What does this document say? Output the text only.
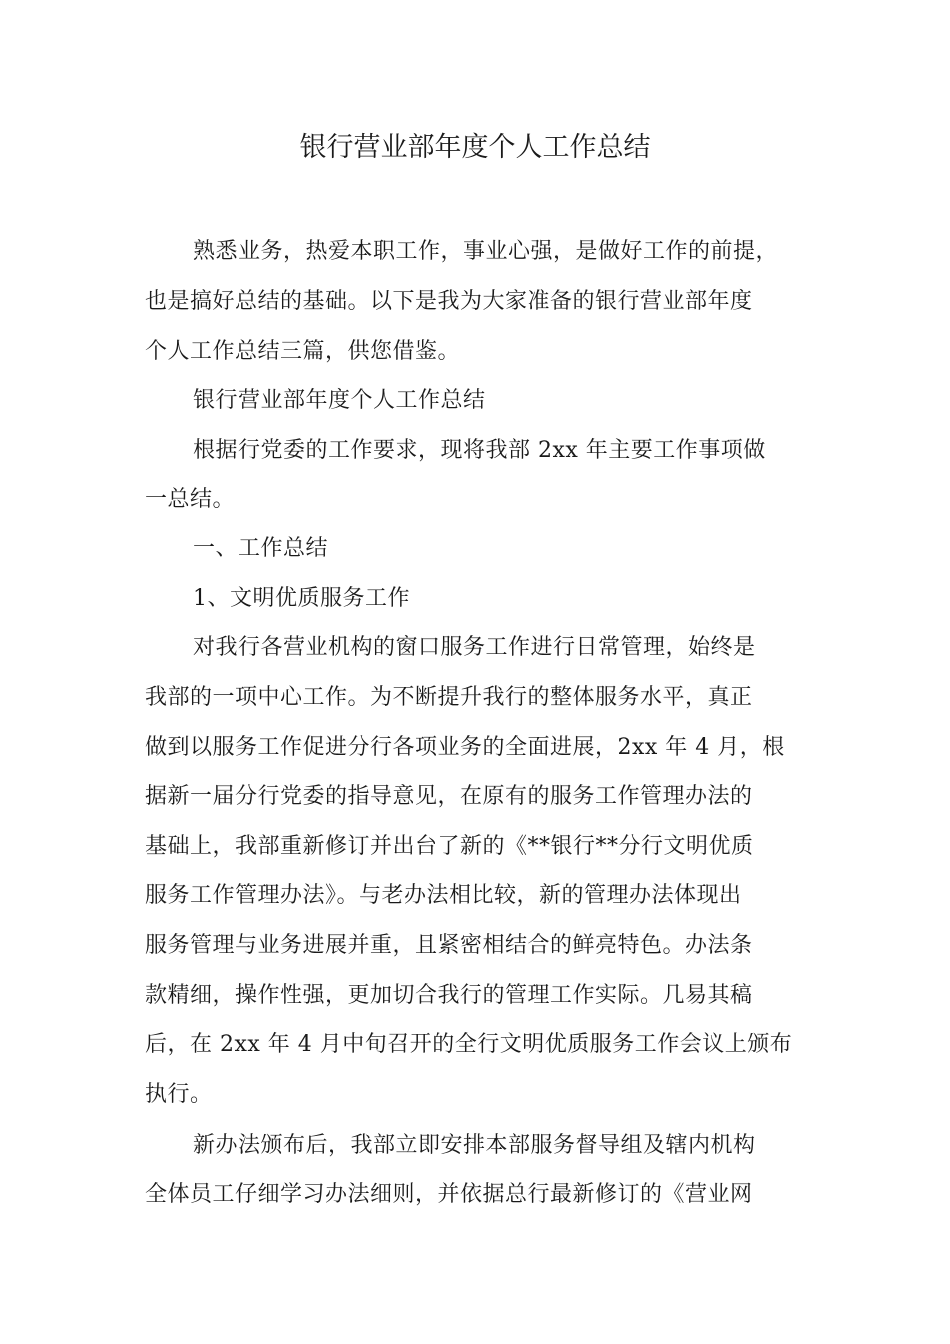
银行营业部年度个人工作总结

熟悉业务，热爱本职工作，事业心强，是做好工作的前提，

也是搞好总结的基础。以下是我为大家准备的银行营业部年度

个人工作总结三篇，供您借鉴。

银行营业部年度个人工作总结

根据行党委的工作要求，现将我部 2xx 年主要工作事项做

一总结。

一、工作总结

1、文明优质服务工作

对我行各营业机构的窗口服务工作进行日常管理，始终是

我部的一项中心工作。为不断提升我行的整体服务水平，真正

做到以服务工作促进分行各项业务的全面进展，2xx 年 4 月，根

据新一届分行党委的指导意见，在原有的服务工作管理办法的

基础上，我部重新修订并出台了新的《**银行**分行文明优质

服务工作管理办法》。与老办法相比较，新的管理办法体现出

服务管理与业务进展并重，且紧密相结合的鲜亮特色。办法条

款精细，操作性强，更加切合我行的管理工作实际。几易其稿

后，在 2xx 年 4 月中旬召开的全行文明优质服务工作会议上颁布

执行。

新办法颁布后，我部立即安排本部服务督导组及辖内机构

全体员工仔细学习办法细则，并依据总行最新修订的《营业网
